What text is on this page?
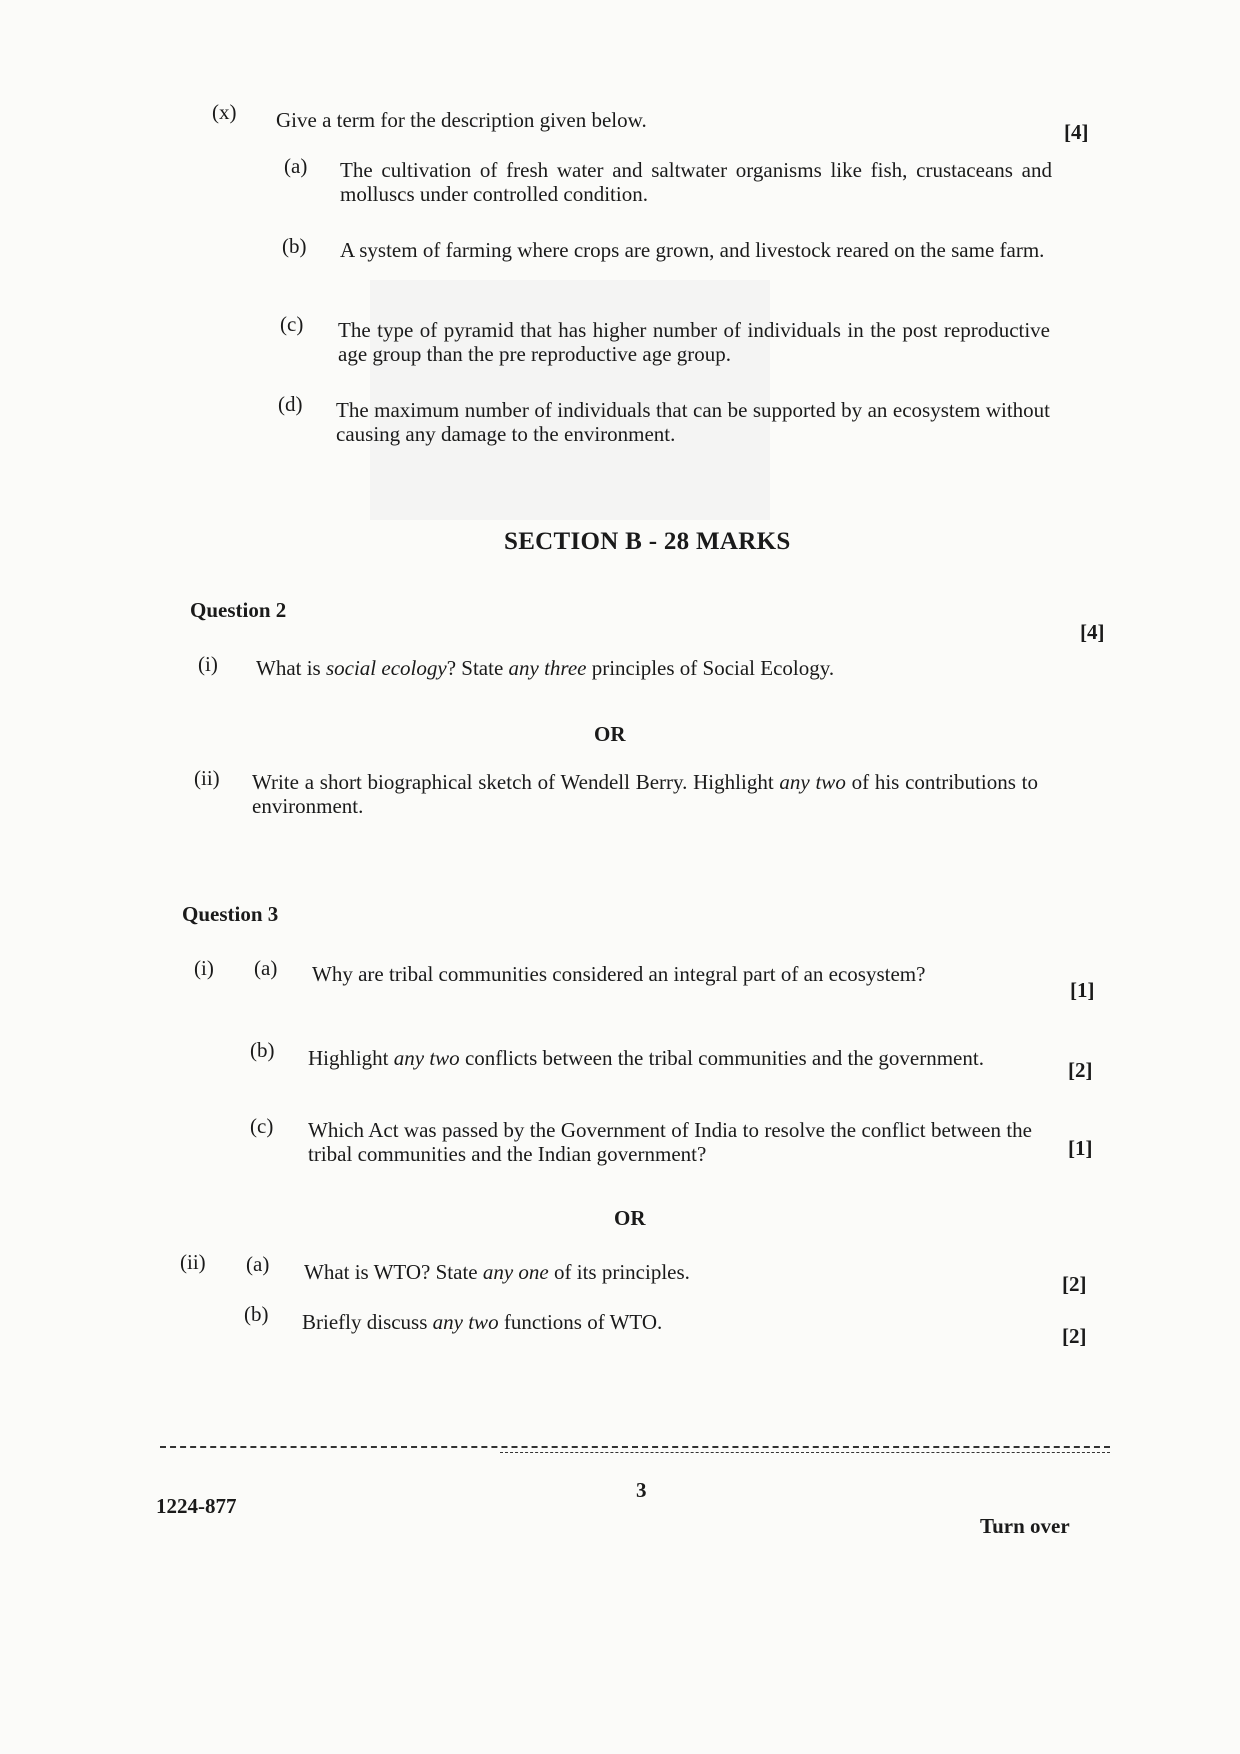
(x) Give a term for the description given below.	[4]
(a) The cultivation of fresh water and saltwater organisms like fish, crustaceans and molluscs under controlled condition.
(b) A system of farming where crops are grown, and livestock reared on the same farm.
(c) The type of pyramid that has higher number of individuals in the post reproductive age group than the pre reproductive age group.
(d) The maximum number of individuals that can be supported by an ecosystem without causing any damage to the environment.
SECTION B - 28 MARKS
Question 2
[4]
(i) What is social ecology? State any three principles of Social Ecology.
OR
(ii) Write a short biographical sketch of Wendell Berry. Highlight any two of his contributions to environment.
Question 3
(i) (a) Why are tribal communities considered an integral part of an ecosystem?
[1]
(b) Highlight any two conflicts between the tribal communities and the government.	[2]
(c) Which Act was passed by the Government of India to resolve the conflict between the tribal communities and the Indian government?	[1]
OR
(ii) (a) What is WTO? State any one of its principles.	[2]
(b) Briefly discuss any two functions of WTO.
[2]
3
1224-877
Turn over
